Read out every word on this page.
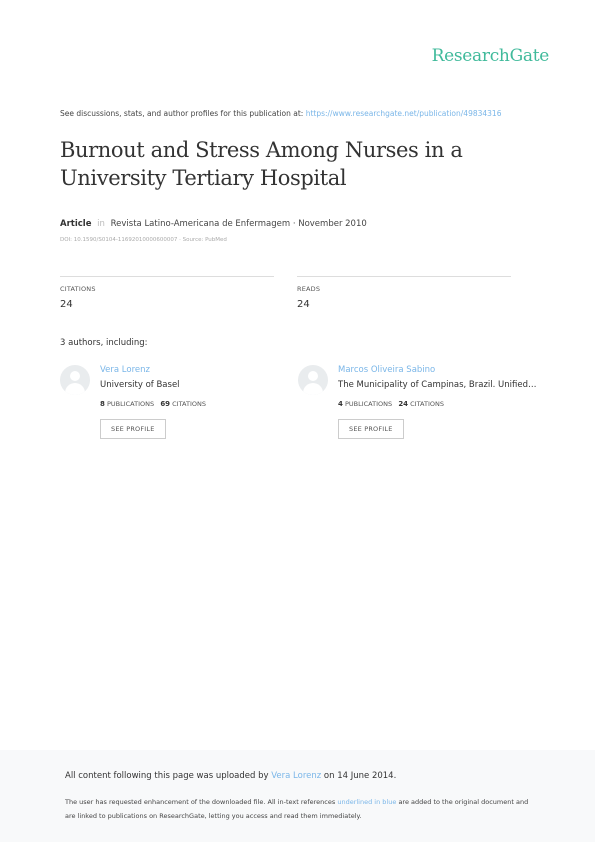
ResearchGate
See discussions, stats, and author profiles for this publication at: https://www.researchgate.net/publication/49834316
Burnout and Stress Among Nurses in a University Tertiary Hospital
Article in Revista Latino-Americana de Enfermagem · November 2010
DOI: 10.1590/S0104-11692010000600007 · Source: PubMed
CITATIONS
24
READS
24
3 authors, including:
Vera Lorenz
University of Basel
8 PUBLICATIONS 69 CITATIONS
SEE PROFILE
Marcos Oliveira Sabino
The Municipality of Campinas, Brazil. Unified…
4 PUBLICATIONS 24 CITATIONS
SEE PROFILE
All content following this page was uploaded by Vera Lorenz on 14 June 2014.
The user has requested enhancement of the downloaded file. All in-text references underlined in blue are added to the original document and are linked to publications on ResearchGate, letting you access and read them immediately.
